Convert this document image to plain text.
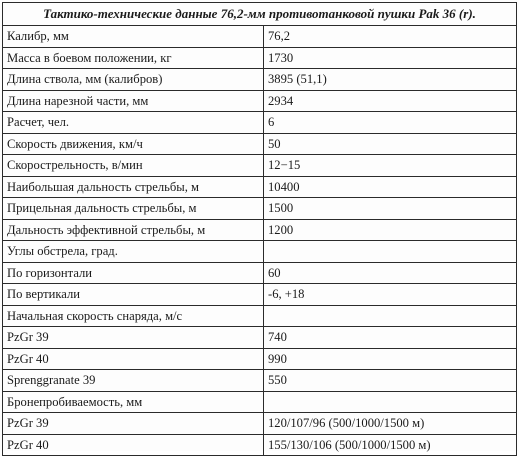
Тактико-технические данные 76,2-мм противотанковой пушки Pak 36 (r).	
Калибр, мм	76,2
Масса в боевом положении, кг	1730
Длина ствола, мм (калибров)	3895 (51,1)
Длина нарезной части, мм	2934
Расчет, чел.	6
Скорость движения, км/ч	50
Скорострельность, в/мин	12−15
Наибольшая дальность стрельбы, м	10400
Прицельная дальность стрельбы, м	1500
Дальность эффективной стрельбы, м	1200
Углы обстрела, град.	
По горизонтали	60
По вертикали	-6, +18
Начальная скорость снаряда, м/с	
PzGr 39	740
PzGr 40	990
Sprenggranate 39	550
Бронепробиваемость, мм	
PzGr 39	120/107/96 (500/1000/1500 м)
PzGr 40	155/130/106 (500/1000/1500 м)
